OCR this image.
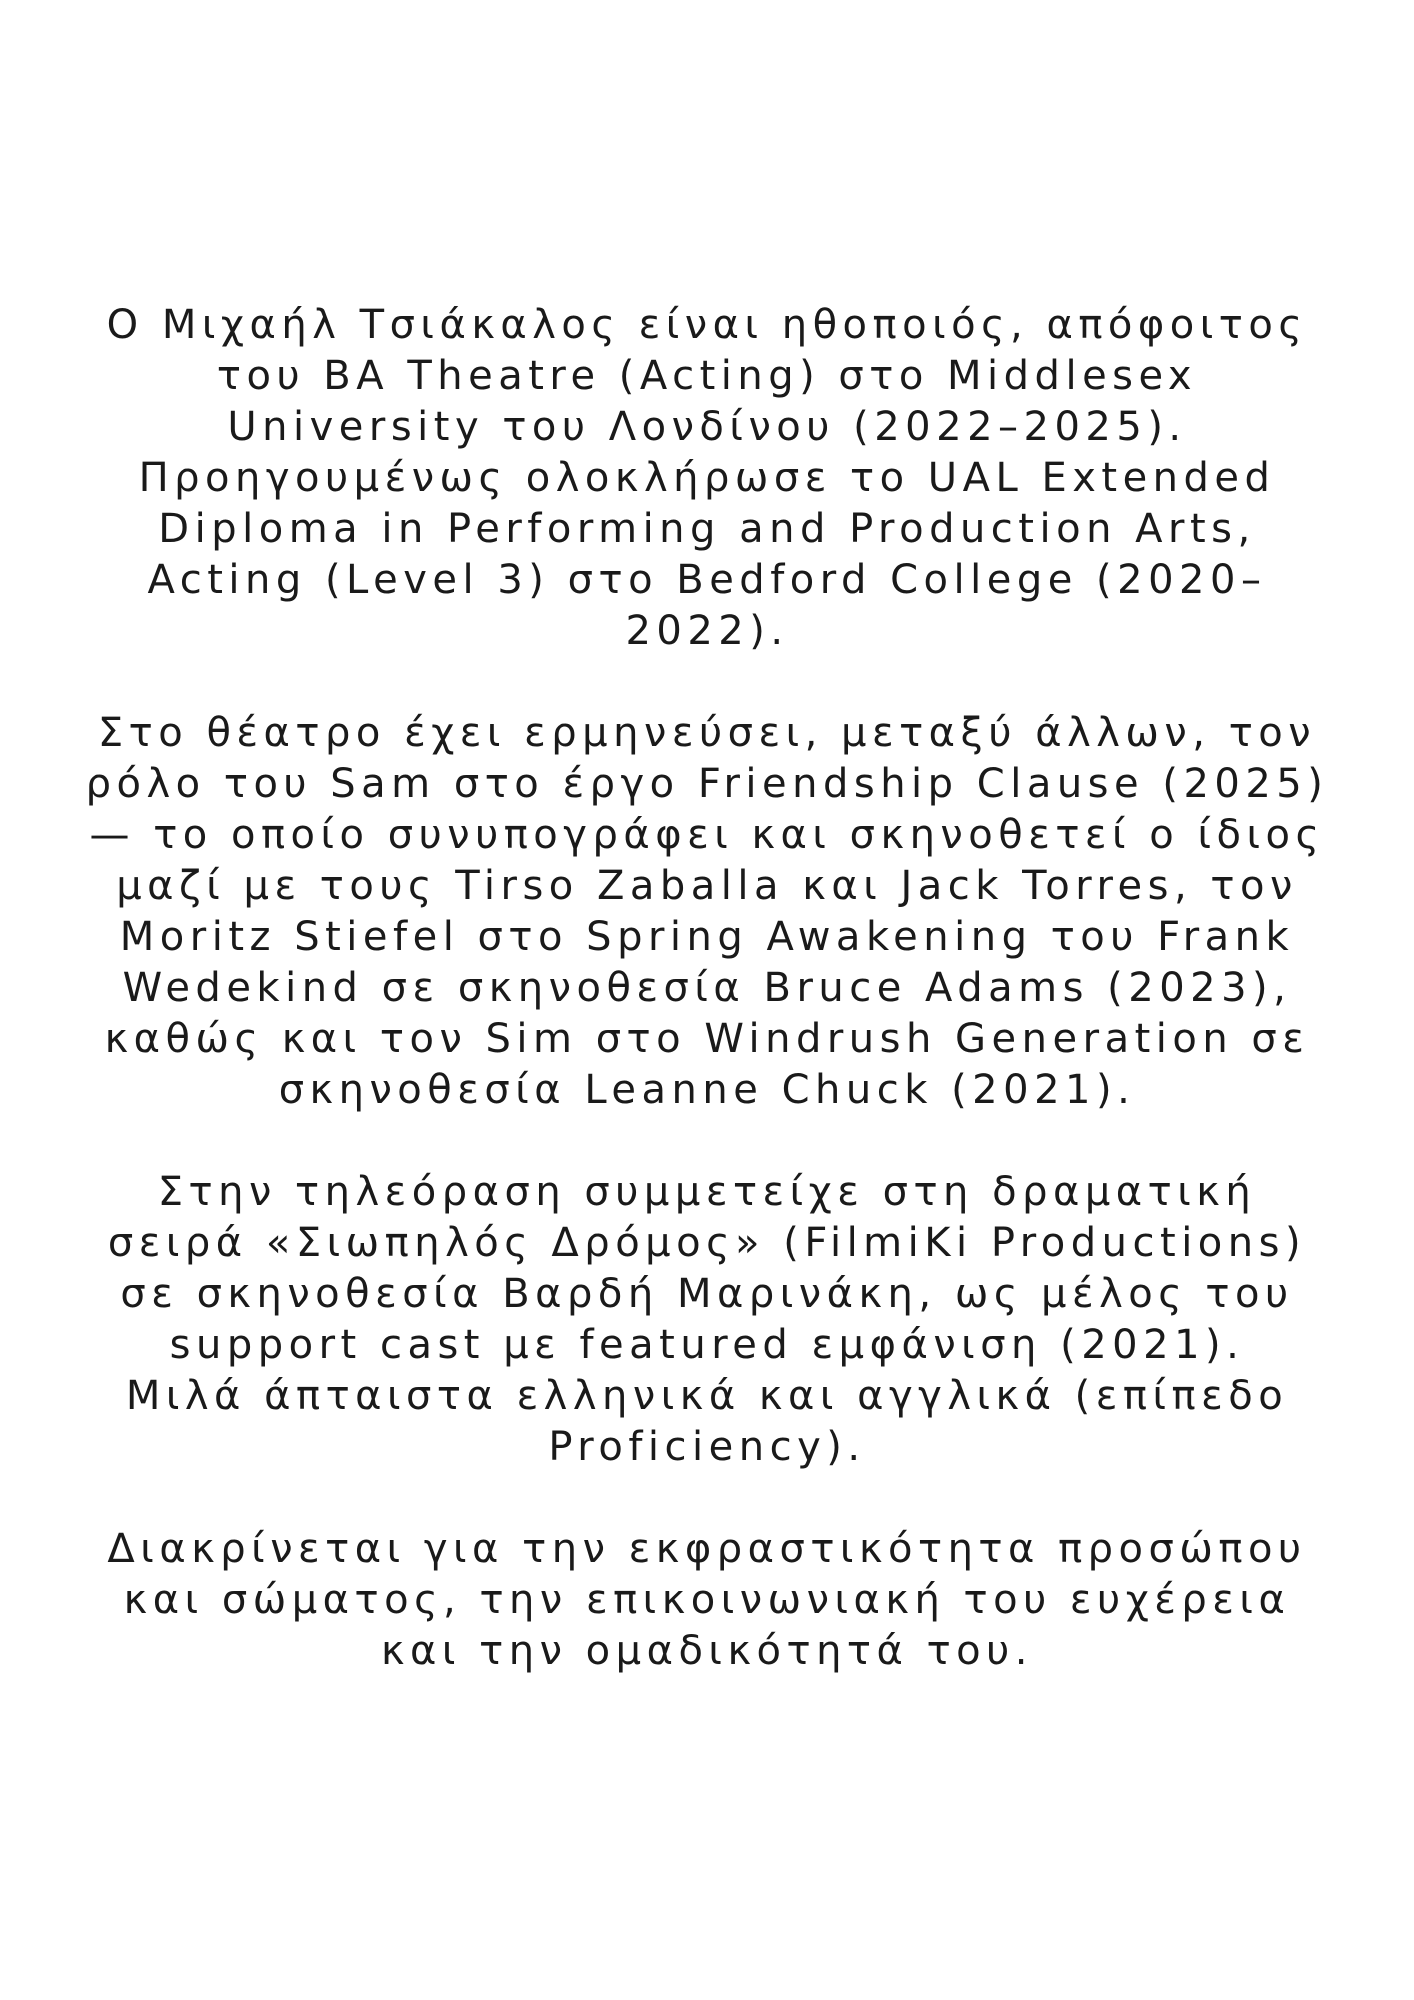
Ο Μιχαήλ Τσιάκαλος είναι ηθοποιός, απόφοιτος
του BA Theatre (Acting) στο Middlesex
University του Λονδίνου (2022–2025).
Προηγουμένως ολοκλήρωσε το UAL Extended
Diploma in Performing and Production Arts,
Acting (Level 3) στο Bedford College (2020–
2022).

Στο θέατρο έχει ερμηνεύσει, μεταξύ άλλων, τον
ρόλο του Sam στο έργο Friendship Clause (2025)
— το οποίο συνυπογράφει και σκηνοθετεί ο ίδιος
μαζί με τους Tirso Zaballa και Jack Torres, τον
Moritz Stiefel στο Spring Awakening του Frank
Wedekind σε σκηνοθεσία Bruce Adams (2023),
καθώς και τον Sim στο Windrush Generation σε
σκηνοθεσία Leanne Chuck (2021).

Στην τηλεόραση συμμετείχε στη δραματική
σειρά «Σιωπηλός Δρόμος» (FilmiKi Productions)
σε σκηνοθεσία Βαρδή Μαρινάκη, ως μέλος του
support cast με featured εμφάνιση (2021).
Μιλά άπταιστα ελληνικά και αγγλικά (επίπεδο
Proficiency).

Διακρίνεται για την εκφραστικότητα προσώπου
και σώματος, την επικοινωνιακή του ευχέρεια
και την ομαδικότητά του.
